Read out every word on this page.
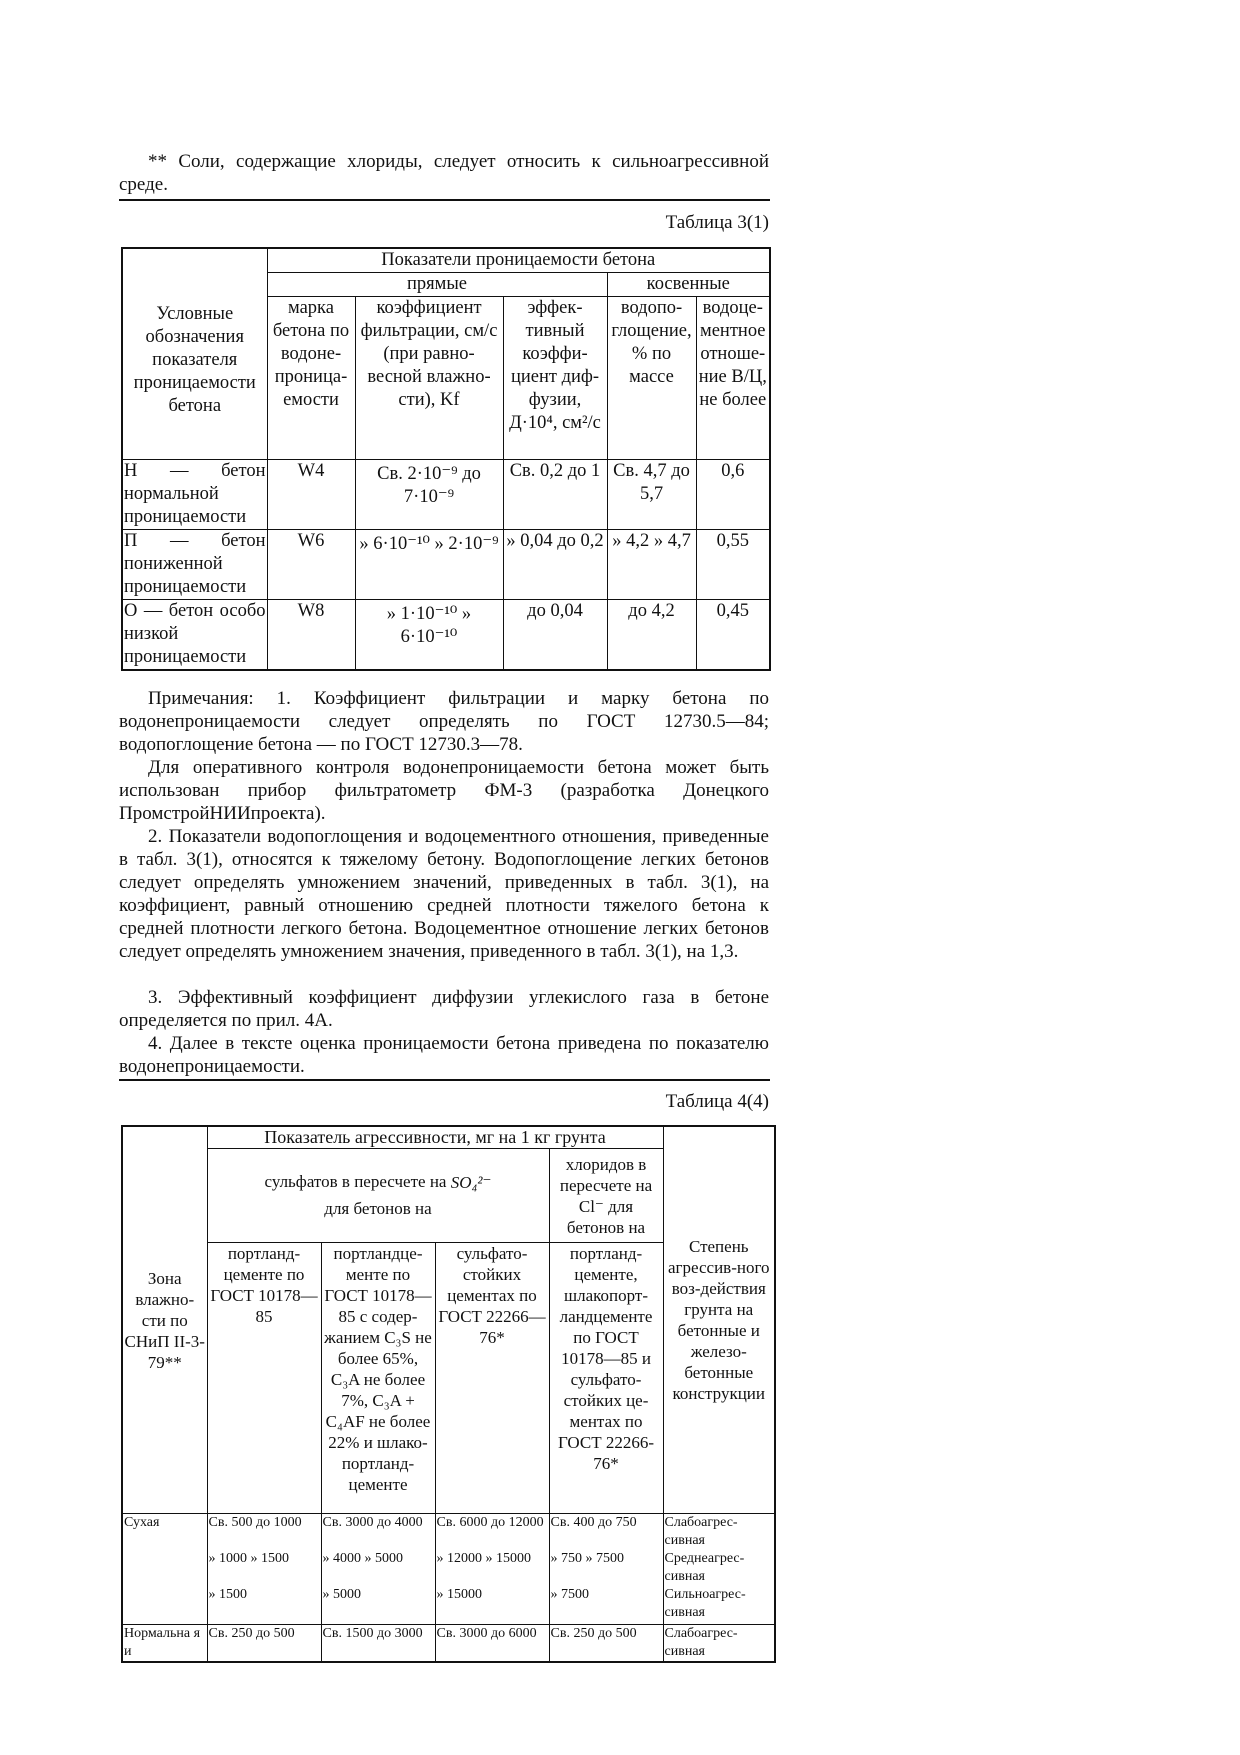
** Соли, содержащие хлориды, следует относить к сильноагрессивной среде.
Таблица 3(1)
Условные обозначения показателя проницаемости бетона	Показатели проницаемости бетона				
	прямые			косвенные	
	марка бетона по водоне-проница-емости	коэффициент фильтрации, см/с (при равно-весной влажно-сти), Kf	эффек-тивный коэффи-циент диф-фузии, Д·10⁴, см²/с	водопо-глощение, % по массе	водоце-ментное отноше-ние В/Ц, не более
Н — бетон нормальной проницаемости	W4	Св. 2·10⁻⁹ до 7·10⁻⁹	Св. 0,2 до 1	Св. 4,7 до 5,7	0,6
П — бетон пониженной проницаемости	W6	» 6·10⁻¹⁰ » 2·10⁻⁹	» 0,04 до 0,2	» 4,2 » 4,7	0,55
О — бетон особо низкой проницаемости	W8	» 1·10⁻¹⁰ » 6·10⁻¹⁰	до 0,04	до 4,2	0,45
Примечания: 1. Коэффициент фильтрации и марку бетона по водонепроницаемости следует определять по ГОСТ 12730.5—84; водопоглощение бетона — по ГОСТ 12730.3—78.
Для оперативного контроля водонепроницаемости бетона может быть использован прибор фильтратометр ФМ-3 (разработка Донецкого ПромстройНИИпроекта).
2. Показатели водопоглощения и водоцементного отношения, приведенные в табл. 3(1), относятся к тяжелому бетону. Водопоглощение легких бетонов следует определять умножением значений, приведенных в табл. 3(1), на коэффициент, равный отношению средней плотности тяжелого бетона к средней плотности легкого бетона. Водоцементное отношение легких бетонов следует определять умножением значения, приведенного в табл. 3(1), на 1,3.
3. Эффективный коэффициент диффузии углекислого газа в бетоне определяется по прил. 4А.
4. Далее в тексте оценка проницаемости бетона приведена по показателю водонепроницаемости.
Таблица 4(4)
Зона влажно-сти по СНиП II-3-79**	Показатель агрессивности, мг на 1 кг грунта				Степень агрессив-ного воз-действия грунта на бетонные и железо-бетонные конструкции
	сульфатов в пересчете на SO₄²⁻
для бетонов на			хлоридов в пересчете на Cl⁻ для бетонов на	
	портланд-цементе по ГОСТ 10178—85	портландце-менте по ГОСТ 10178—85 с содер-жанием C₃S не более 65%, C₃A не более 7%, C₃A + C₄AF не более 22% и шлако-портланд-цементе	сульфато-стойких цементах по ГОСТ 22266—76*	портланд-цементе, шлакопорт-ландцементе по ГОСТ 10178—85 и сульфато-стойких це-ментах по ГОСТ 22266-76*	
Сухая	Св. 500 до 1000	Св. 3000 до 4000	Св. 6000 до 12000	Св. 400 до 750	Слабоагрес-сивная
	» 1000 » 1500	» 4000 » 5000	» 12000 » 15000	» 750 » 7500	Среднеагрес-сивная
	» 1500	» 5000	» 15000	» 7500	Сильноагрес-сивная
Нормальна я и	Св. 250 до 500	Св. 1500 до 3000	Св. 3000 до 6000	Св. 250 до 500	Слабоагрес-сивная
